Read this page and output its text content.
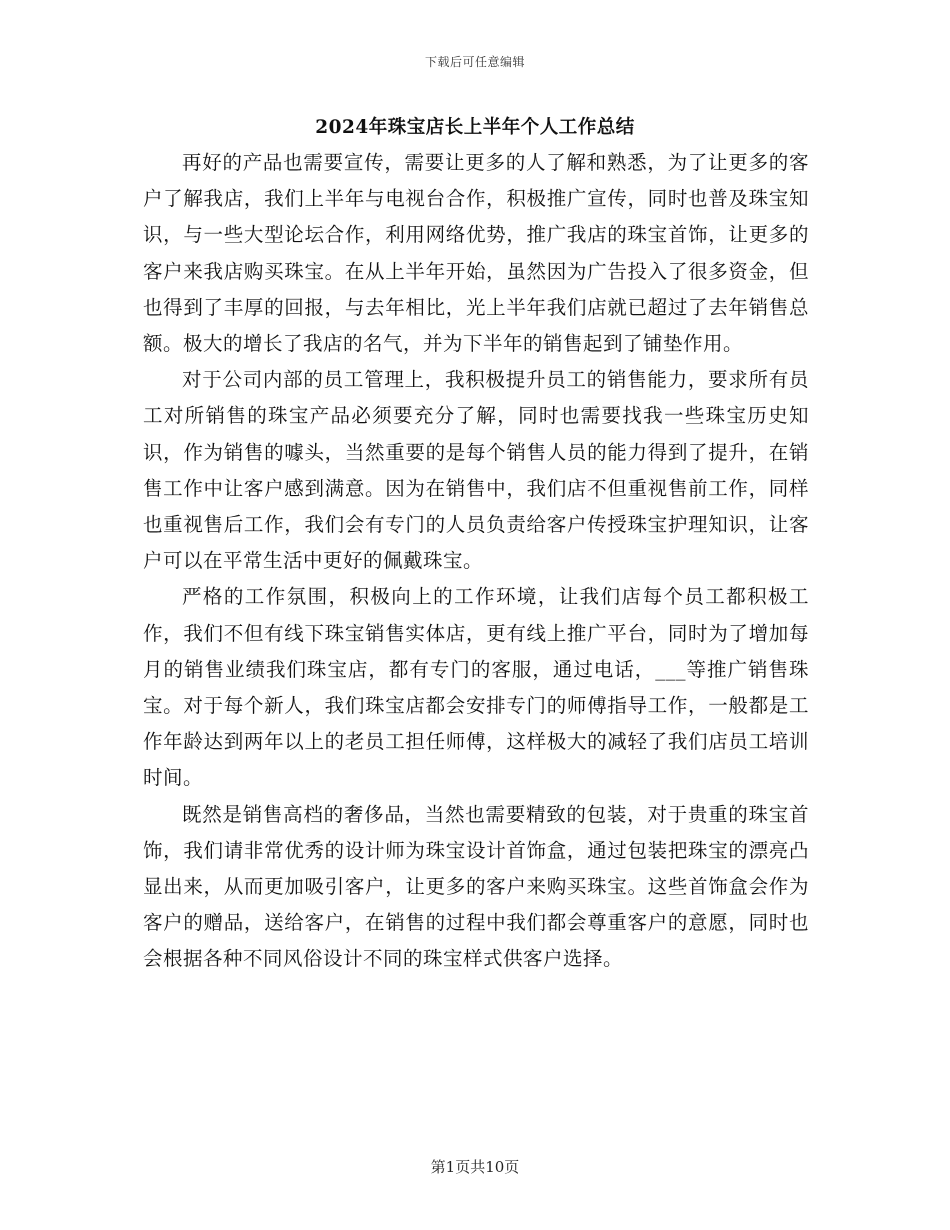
下载后可任意编辑
2024年珠宝店长上半年个人工作总结

再好的产品也需要宣传，需要让更多的人了解和熟悉，为了让更多的客户了解我店，我们上半年与电视台合作，积极推广宣传，同时也普及珠宝知识，与一些大型论坛合作，利用网络优势，推广我店的珠宝首饰，让更多的客户来我店购买珠宝。在从上半年开始，虽然因为广告投入了很多资金，但也得到了丰厚的回报，与去年相比，光上半年我们店就已超过了去年销售总额。极大的增长了我店的名气，并为下半年的销售起到了铺垫作用。

对于公司内部的员工管理上，我积极提升员工的销售能力，要求所有员工对所销售的珠宝产品必须要充分了解，同时也需要找我一些珠宝历史知识，作为销售的噱头，当然重要的是每个销售人员的能力得到了提升，在销售工作中让客户感到满意。因为在销售中，我们店不但重视售前工作，同样也重视售后工作，我们会有专门的人员负责给客户传授珠宝护理知识，让客户可以在平常生活中更好的佩戴珠宝。

严格的工作氛围，积极向上的工作环境，让我们店每个员工都积极工作，我们不但有线下珠宝销售实体店，更有线上推广平台，同时为了增加每月的销售业绩我们珠宝店，都有专门的客服，通过电话，___等推广销售珠宝。对于每个新人，我们珠宝店都会安排专门的师傅指导工作，一般都是工作年龄达到两年以上的老员工担任师傅，这样极大的减轻了我们店员工培训时间。

既然是销售高档的奢侈品，当然也需要精致的包装，对于贵重的珠宝首饰，我们请非常优秀的设计师为珠宝设计首饰盒，通过包装把珠宝的漂亮凸显出来，从而更加吸引客户，让更多的客户来购买珠宝。这些首饰盒会作为客户的赠品，送给客户，在销售的过程中我们都会尊重客户的意愿，同时也会根据各种不同风俗设计不同的珠宝样式供客户选择。

第1页共10页
